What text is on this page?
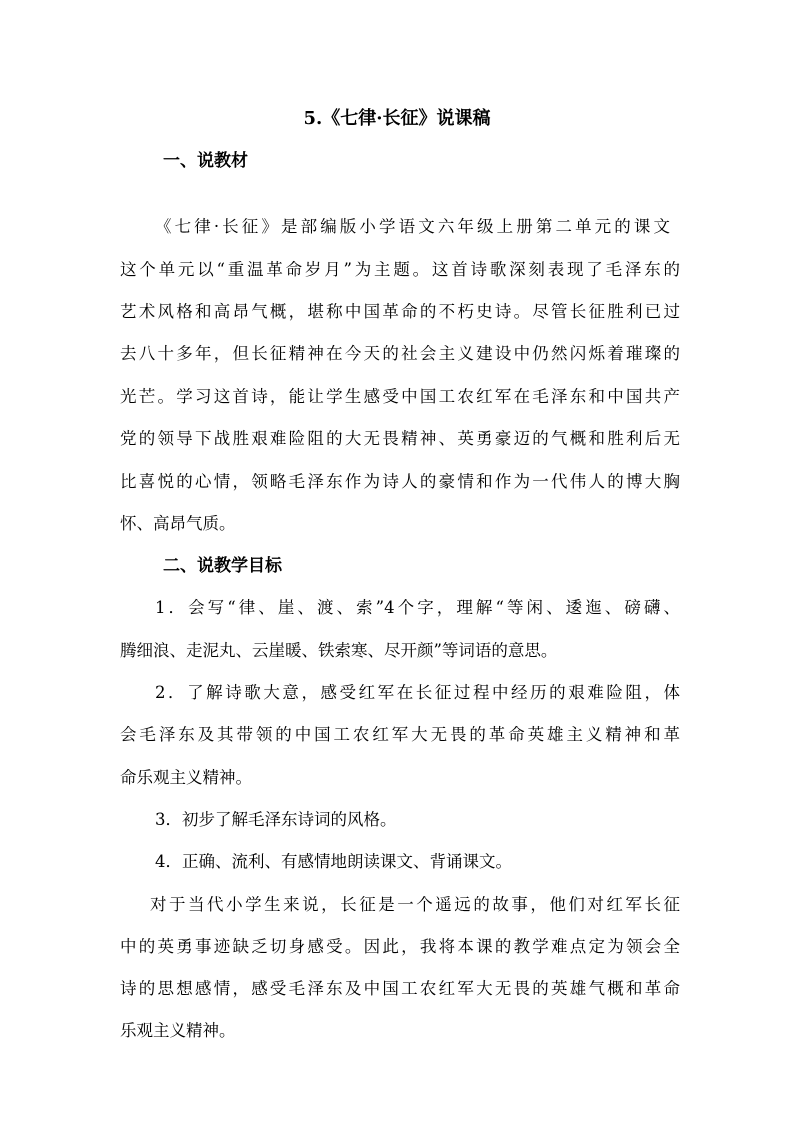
5.《七律·长征》说课稿
一、说教材
《七律·长征》是部编版小学语文六年级上册第二单元的课文
这个单元以“重温革命岁月”为主题。这首诗歌深刻表现了毛泽东的
艺术风格和高昂气概，堪称中国革命的不朽史诗。尽管长征胜利已过
去八十多年，但长征精神在今天的社会主义建设中仍然闪烁着璀璨的
光芒。学习这首诗，能让学生感受中国工农红军在毛泽东和中国共产
党的领导下战胜艰难险阻的大无畏精神、英勇豪迈的气概和胜利后无
比喜悦的心情，领略毛泽东作为诗人的豪情和作为一代伟人的博大胸
怀、高昂气质。
二、说教学目标
1．会写“律、崖、渡、索”4个字，理解“等闲、逶迤、磅礴、
腾细浪、走泥丸、云崖暖、铁索寒、尽开颜”等词语的意思。
2．了解诗歌大意，感受红军在长征过程中经历的艰难险阻，体
会毛泽东及其带领的中国工农红军大无畏的革命英雄主义精神和革
命乐观主义精神。
3．初步了解毛泽东诗词的风格。
4．正确、流利、有感情地朗读课文、背诵课文。
对于当代小学生来说，长征是一个遥远的故事，他们对红军长征
中的英勇事迹缺乏切身感受。因此，我将本课的教学难点定为领会全
诗的思想感情，感受毛泽东及中国工农红军大无畏的英雄气概和革命
乐观主义精神。
